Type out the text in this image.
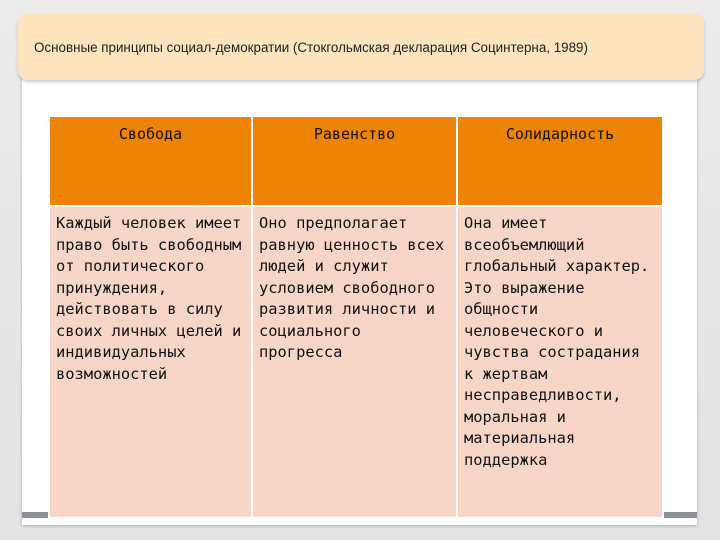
Основные принципы социал-демократии (Стокгольмская декларация Социнтерна, 1989)
Свобода	Равенство	Солидарность
Каждый человек имеет право быть свободным от политического принуждения, действовать в силу своих личных целей и индивидуальных возможностей	Оно предполагает равную ценность всех людей и служит условием свободного развития личности и социального прогресса	Она имеет всеобъемлющий глобальный характер. Это выражение общности человеческого и чувства сострадания к жертвам несправедливости, моральная и материальная поддержка
